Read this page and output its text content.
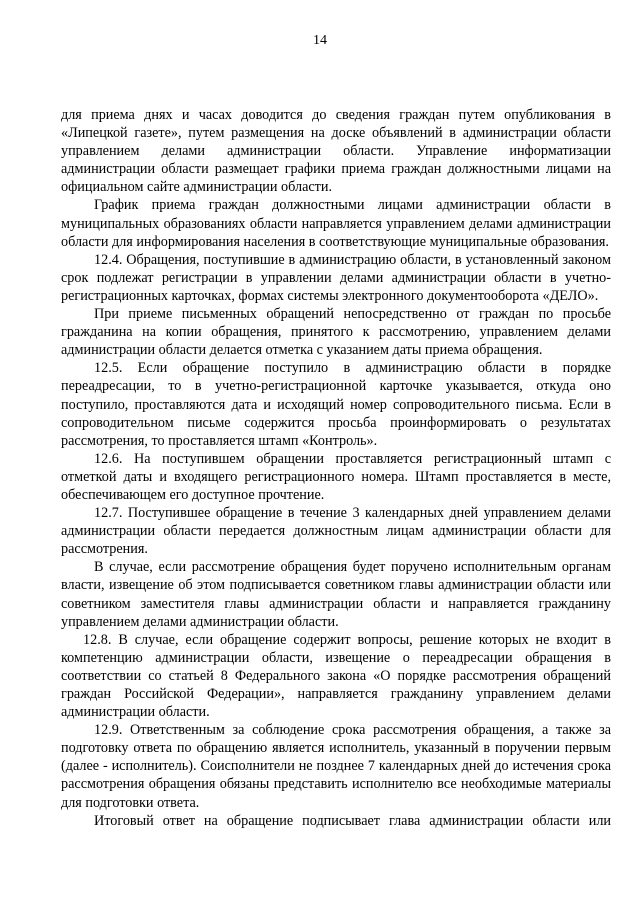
14

для приема днях и часах доводится до сведения граждан путем опубликования в «Липецкой газете», путем размещения на доске объявлений в администрации области управлением делами администрации области. Управление информатизации администрации области размещает графики приема граждан должностными лицами на официальном сайте администрации области.

График приема граждан должностными лицами администрации области в муниципальных образованиях области направляется управлением делами администрации области для информирования населения в соответствующие муниципальные образования.

12.4. Обращения, поступившие в администрацию области, в установленный законом срок подлежат регистрации в управлении делами администрации области в учетно-регистрационных карточках, формах системы электронного документооборота «ДЕЛО».

При приеме письменных обращений непосредственно от граждан по просьбе гражданина на копии обращения, принятого к рассмотрению, управлением делами администрации области делается отметка с указанием даты приема обращения.

12.5. Если обращение поступило в администрацию области в порядке переадресации, то в учетно-регистрационной карточке указывается, откуда оно поступило, проставляются дата и исходящий номер сопроводительного письма. Если в сопроводительном письме содержится просьба проинформировать о результатах рассмотрения, то проставляется штамп «Контроль».

12.6. На поступившем обращении проставляется регистрационный штамп с отметкой даты и входящего регистрационного номера. Штамп проставляется в месте, обеспечивающем его доступное прочтение.

12.7. Поступившее обращение в течение 3 календарных дней управлением делами администрации области передается должностным лицам администрации области для рассмотрения.

В случае, если рассмотрение обращения будет поручено исполнительным органам власти, извещение об этом подписывается советником главы администрации области или советником заместителя главы администрации области и направляется гражданину управлением делами администрации области.

12.8. В случае, если обращение содержит вопросы, решение которых не входит в компетенцию администрации области, извещение о переадресации обращения в соответствии со статьей 8 Федерального закона «О порядке рассмотрения обращений граждан Российской Федерации», направляется гражданину управлением делами администрации области.

12.9. Ответственным за соблюдение срока рассмотрения обращения, а также за подготовку ответа по обращению является исполнитель, указанный в поручении первым (далее - исполнитель). Соисполнители не позднее 7 календарных дней до истечения срока рассмотрения обращения обязаны представить исполнителю все необходимые материалы для подготовки ответа.

Итоговый ответ на обращение подписывает глава администрации области или
